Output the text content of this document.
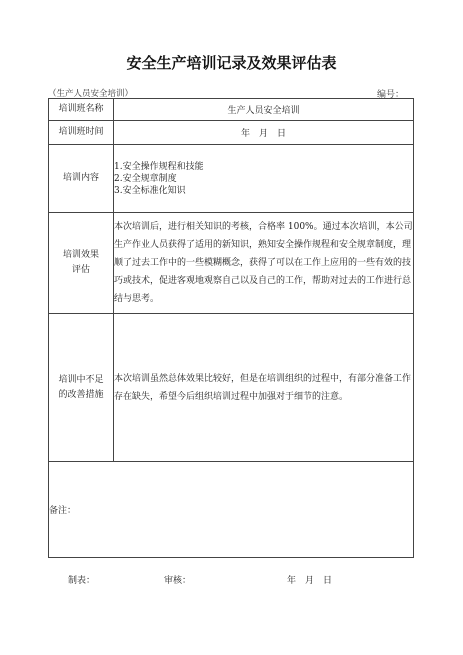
安全生产培训记录及效果评估表
（生产人员安全培训）	编号：
培训班名称	生产人员安全培训
培训班时间	年　月　日
培训内容	1.安全操作规程和技能
2.安全规章制度
3.安全标准化知识

培训效果
评估	本次培训后，进行相关知识的考核，合格率 100%。通过本次培训，本公司生产作业人员获得了适用的新知识，熟知安全操作规程和安全规章制度，理顺了过去工作中的一些模糊概念，获得了可以在工作上应用的一些有效的技巧或技术，促进客观地观察自己以及自己的工作，帮助对过去的工作进行总结与思考。

培训中不足
的改善措施	本次培训虽然总体效果比较好，但是在培训组织的过程中，有部分准备工作存在缺失，希望今后组织培训过程中加强对于细节的注意。
备注：	
制表：	审核：	年　月　日
